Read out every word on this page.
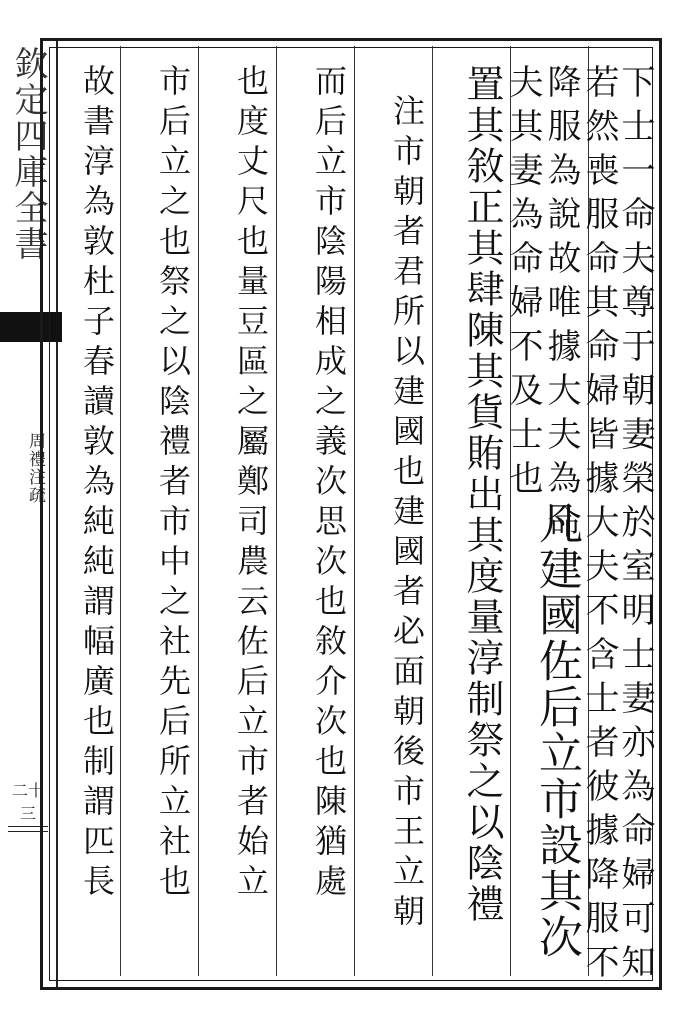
欽定四庫全書
周禮注疏
二十三	下士一命夫尊于朝妻榮於室明士妻亦為命婦可知
若然喪服命其命婦皆據大夫不含士者彼據降服不
降服為說故唯據大夫為命
夫其妻為命婦不及士也
凡建國佐后立市設其次
置其敘正其肆陳其貨賄出其度量淳制祭之以陰禮
注市朝者君所以建國也建國者必面朝後市王立朝
而后立市陰陽相成之義次思次也敘介次也陳猶處
也度丈尺也量豆區之屬鄭司農云佐后立市者始立
市后立之也祭之以陰禮者市中之社先后所立社也
故書淳為敦杜子春讀敦為純純謂幅廣也制謂匹長
